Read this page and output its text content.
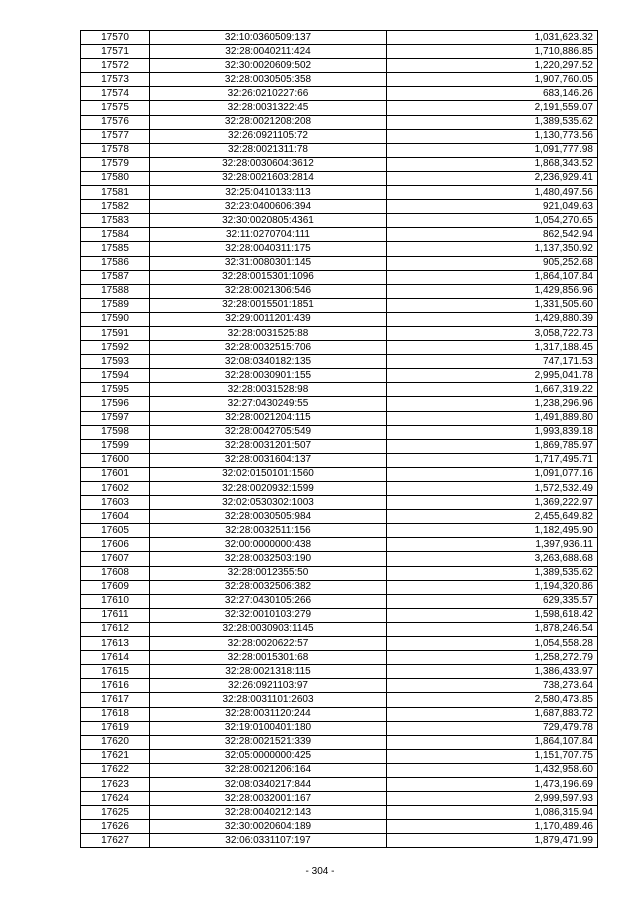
17570	32:10:0360509:137	1,031,623.32
17571	32:28:0040211:424	1,710,886.85
17572	32:30:0020609:502	1,220,297.52
17573	32:28:0030505:358	1,907,760.05
17574	32:26:0210227:66	683,146.26
17575	32:28:0031322:45	2,191,559.07
17576	32:28:0021208:208	1,389,535.62
17577	32:26:0921105:72	1,130,773.56
17578	32:28:0021311:78	1,091,777.98
17579	32:28:0030604:3612	1,868,343.52
17580	32:28:0021603:2814	2,236,929.41
17581	32:25:0410133:113	1,480,497.56
17582	32:23:0400606:394	921,049.63
17583	32:30:0020805:4361	1,054,270.65
17584	32:11:0270704:111	862,542.94
17585	32:28:0040311:175	1,137,350.92
17586	32:31:0080301:145	905,252.68
17587	32:28:0015301:1096	1,864,107.84
17588	32:28:0021306:546	1,429,856.96
17589	32:28:0015501:1851	1,331,505.60
17590	32:29:0011201:439	1,429,880.39
17591	32:28:0031525:88	3,058,722.73
17592	32:28:0032515:706	1,317,188.45
17593	32:08:0340182:135	747,171.53
17594	32:28:0030901:155	2,995,041.78
17595	32:28:0031528:98	1,667,319.22
17596	32:27:0430249:55	1,238,296.96
17597	32:28:0021204:115	1,491,889.80
17598	32:28:0042705:549	1,993,839.18
17599	32:28:0031201:507	1,869,785.97
17600	32:28:0031604:137	1,717,495.71
17601	32:02:0150101:1560	1,091,077.16
17602	32:28:0020932:1599	1,572,532.49
17603	32:02:0530302:1003	1,369,222.97
17604	32:28:0030505:984	2,455,649.82
17605	32:28:0032511:156	1,182,495.90
17606	32:00:0000000:438	1,397,936.11
17607	32:28:0032503:190	3,263,688.68
17608	32:28:0012355:50	1,389,535.62
17609	32:28:0032506:382	1,194,320.86
17610	32:27:0430105:266	629,335.57
17611	32:32:0010103:279	1,598,618.42
17612	32:28:0030903:1145	1,878,246.54
17613	32:28:0020622:57	1,054,558.28
17614	32:28:0015301:68	1,258,272.79
17615	32:28:0021318:115	1,386,433.97
17616	32:26:0921103:97	738,273.64
17617	32:28:0031101:2603	2,580,473.85
17618	32:28:0031120:244	1,687,883.72
17619	32:19:0100401:180	729,479.78
17620	32:28:0021521:339	1,864,107.84
17621	32:05:0000000:425	1,151,707.75
17622	32:28:0021206:164	1,432,958.60
17623	32:08:0340217:844	1,473,196.69
17624	32:28:0032001:167	2,999,597.93
17625	32:28:0040212:143	1,086,315.94
17626	32:30:0020604:189	1,170,489.46
17627	32:06:0331107:197	1,879,471.99
- 304 -
